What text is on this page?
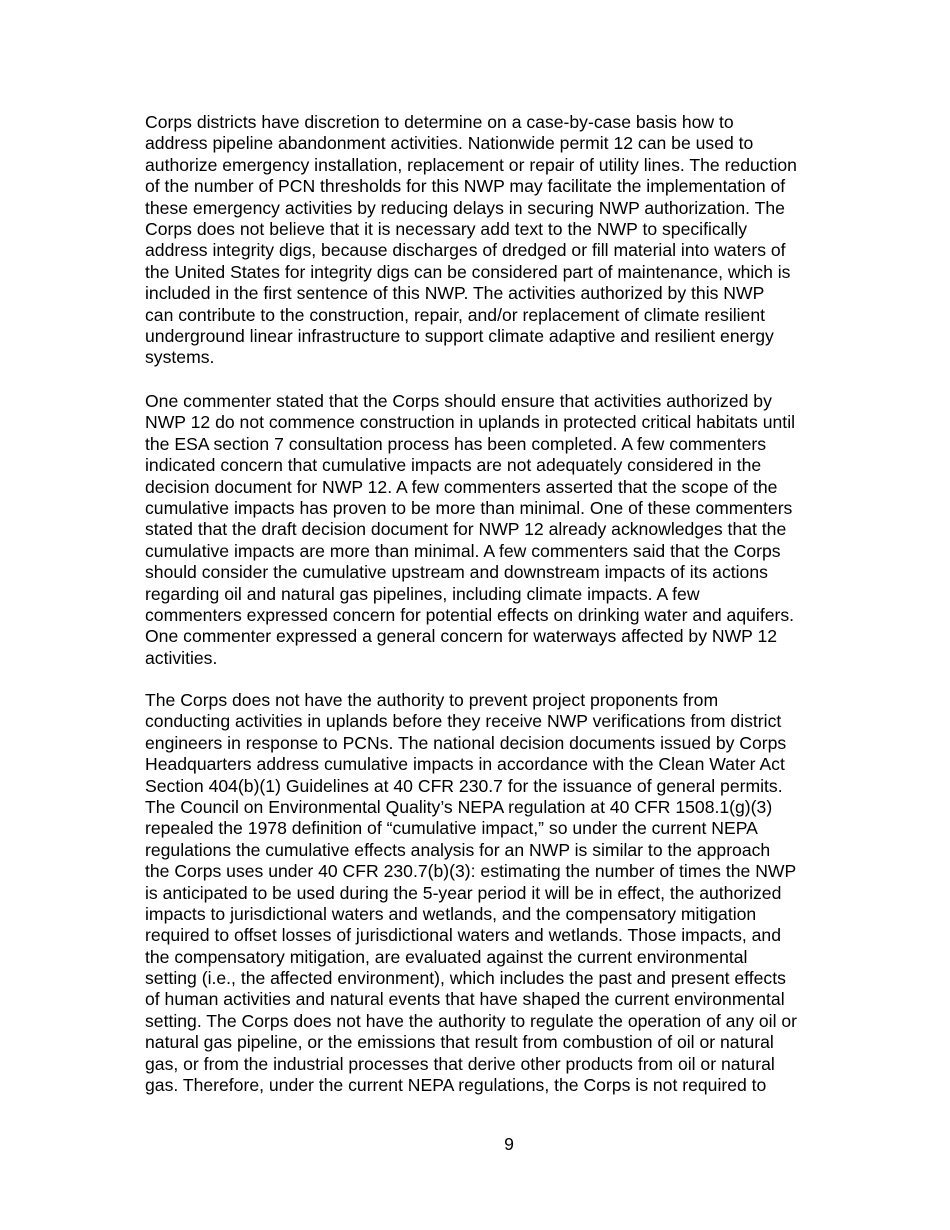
Corps districts have discretion to determine on a case-by-case basis how to
address pipeline abandonment activities. Nationwide permit 12 can be used to
authorize emergency installation, replacement or repair of utility lines. The reduction
of the number of PCN thresholds for this NWP may facilitate the implementation of
these emergency activities by reducing delays in securing NWP authorization. The
Corps does not believe that it is necessary add text to the NWP to specifically
address integrity digs, because discharges of dredged or fill material into waters of
the United States for integrity digs can be considered part of maintenance, which is
included in the first sentence of this NWP. The activities authorized by this NWP
can contribute to the construction, repair, and/or replacement of climate resilient
underground linear infrastructure to support climate adaptive and resilient energy
systems.
One commenter stated that the Corps should ensure that activities authorized by
NWP 12 do not commence construction in uplands in protected critical habitats until
the ESA section 7 consultation process has been completed. A few commenters
indicated concern that cumulative impacts are not adequately considered in the
decision document for NWP 12. A few commenters asserted that the scope of the
cumulative impacts has proven to be more than minimal. One of these commenters
stated that the draft decision document for NWP 12 already acknowledges that the
cumulative impacts are more than minimal. A few commenters said that the Corps
should consider the cumulative upstream and downstream impacts of its actions
regarding oil and natural gas pipelines, including climate impacts. A few
commenters expressed concern for potential effects on drinking water and aquifers.
One commenter expressed a general concern for waterways affected by NWP 12
activities.
The Corps does not have the authority to prevent project proponents from
conducting activities in uplands before they receive NWP verifications from district
engineers in response to PCNs. The national decision documents issued by Corps
Headquarters address cumulative impacts in accordance with the Clean Water Act
Section 404(b)(1) Guidelines at 40 CFR 230.7 for the issuance of general permits.
The Council on Environmental Quality’s NEPA regulation at 40 CFR 1508.1(g)(3)
repealed the 1978 definition of “cumulative impact,” so under the current NEPA
regulations the cumulative effects analysis for an NWP is similar to the approach
the Corps uses under 40 CFR 230.7(b)(3): estimating the number of times the NWP
is anticipated to be used during the 5-year period it will be in effect, the authorized
impacts to jurisdictional waters and wetlands, and the compensatory mitigation
required to offset losses of jurisdictional waters and wetlands. Those impacts, and
the compensatory mitigation, are evaluated against the current environmental
setting (i.e., the affected environment), which includes the past and present effects
of human activities and natural events that have shaped the current environmental
setting. The Corps does not have the authority to regulate the operation of any oil or
natural gas pipeline, or the emissions that result from combustion of oil or natural
gas, or from the industrial processes that derive other products from oil or natural
gas. Therefore, under the current NEPA regulations, the Corps is not required to
9
